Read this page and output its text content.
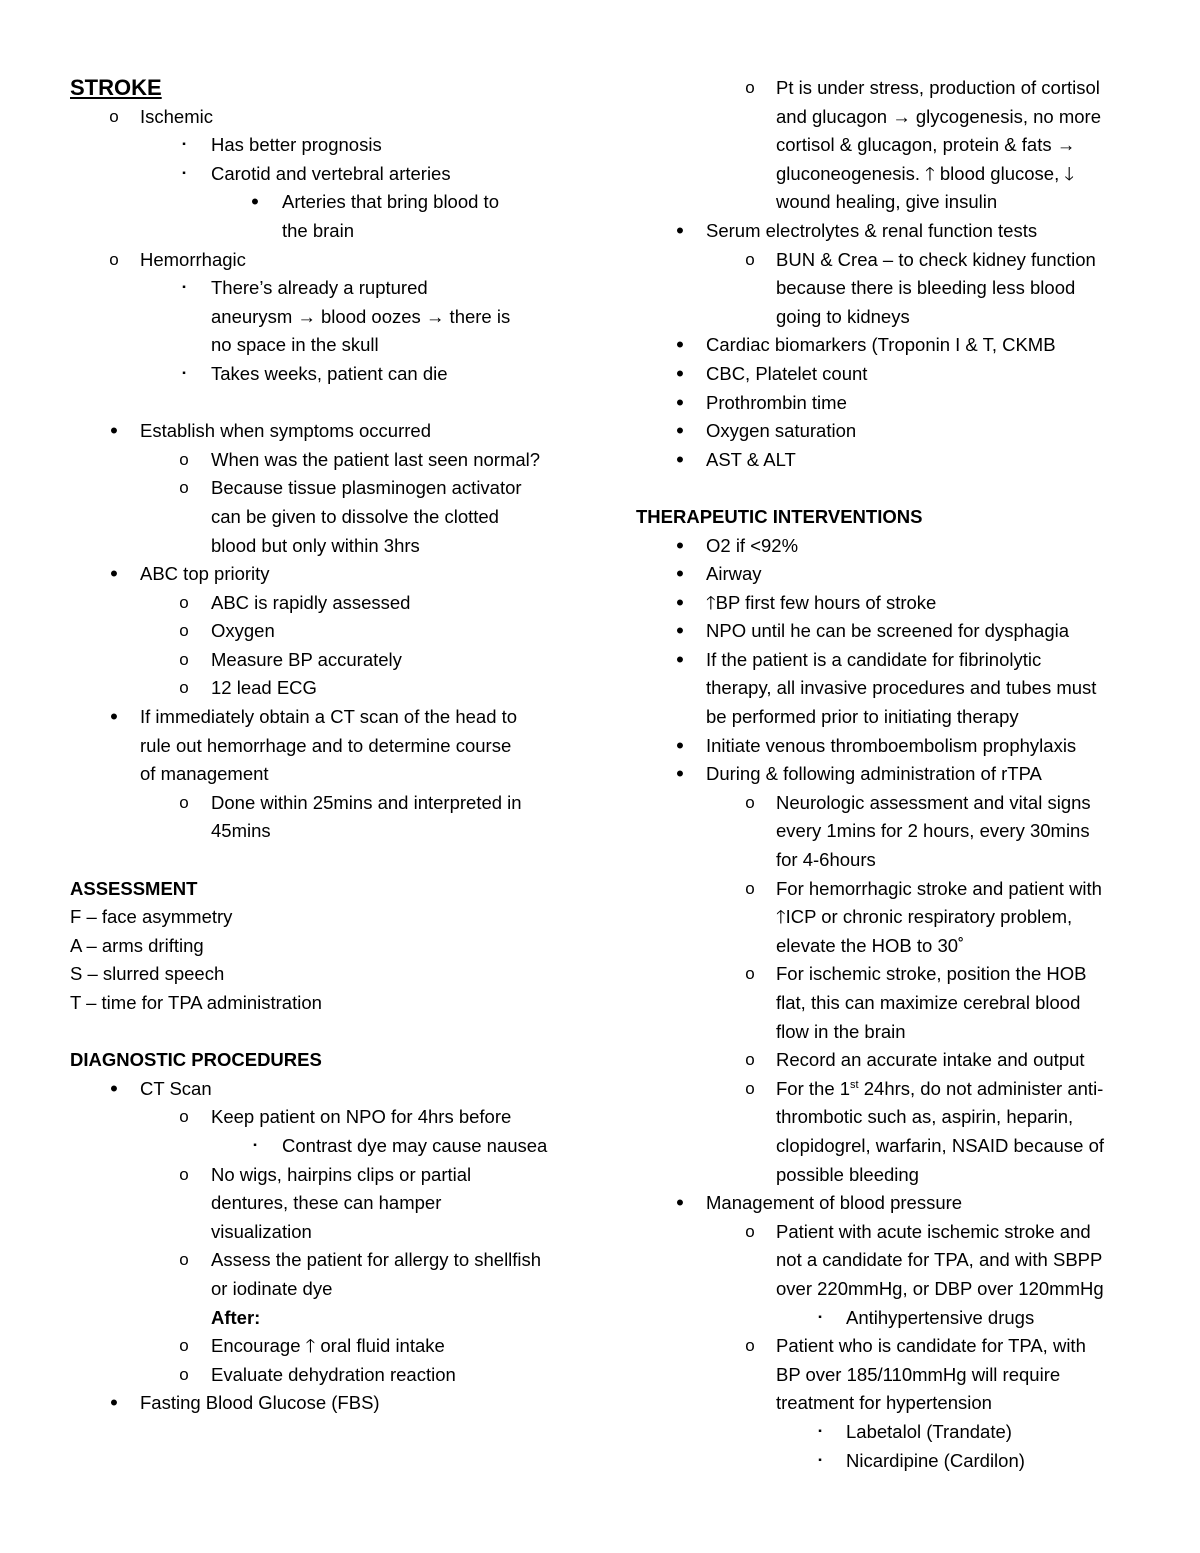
STROKE
o Ischemic
▪	Has better prognosis
▪	Carotid and vertebral arteries
•	Arteries that bring blood to
the brain
o Hemorrhagic
▪	There’s already a ruptured
aneurysm → blood oozes → there is
no space in the skull
▪	Takes weeks, patient can die
•	Establish when symptoms occurred
o When was the patient last seen normal?
o Because tissue plasminogen activator
can be given to dissolve the clotted
blood but only within 3hrs
•	ABC top priority
o ABC is rapidly assessed
o Oxygen
o Measure BP accurately
o 12 lead ECG
•	If immediately obtain a CT scan of the head to
rule out hemorrhage and to determine course
of management
o Done within 25mins and interpreted in
45mins
ASSESSMENT
F – face asymmetry
A – arms drifting
S – slurred speech
T – time for TPA administration
DIAGNOSTIC PROCEDURES
•	CT Scan
o Keep patient on NPO for 4hrs before
▪	Contrast dye may cause nausea
o No wigs, hairpins clips or partial
dentures, these can hamper
visualization
o Assess the patient for allergy to shellfish
or iodinate dye
After:
o Encourage 🡑 oral fluid intake
o Evaluate dehydration reaction
•	Fasting Blood Glucose (FBS)
o Pt is under stress, production of cortisol
and glucagon → glycogenesis, no more
cortisol & glucagon, protein & fats →
gluconeogenesis. 🡑 blood glucose, 🡓
wound healing, give insulin
•	Serum electrolytes & renal function tests
o BUN & Crea – to check kidney function
because there is bleeding less blood
going to kidneys
•	Cardiac biomarkers (Troponin I & T, CKMB
•	CBC, Platelet count
•	Prothrombin time
•	Oxygen saturation
•	AST & ALT
THERAPEUTIC INTERVENTIONS
•	O2 if <92%
•	Airway
•	🡑BP first few hours of stroke
•	NPO until he can be screened for dysphagia
•	If the patient is a candidate for fibrinolytic
therapy, all invasive procedures and tubes must
be performed prior to initiating therapy
•	Initiate venous thromboembolism prophylaxis
•	During & following administration of rTPA
o Neurologic assessment and vital signs
every 1mins for 2 hours, every 30mins
for 4-6hours
o For hemorrhagic stroke and patient with
🡑ICP or chronic respiratory problem,
elevate the HOB to 30˚
o For ischemic stroke, position the HOB
flat, this can maximize cerebral blood
flow in the brain
o Record an accurate intake and output
o For the 1st 24hrs, do not administer anti-
thrombotic such as, aspirin, heparin,
clopidogrel, warfarin, NSAID because of
possible bleeding
•	Management of blood pressure
o Patient with acute ischemic stroke and
not a candidate for TPA, and with SBPP
over 220mmHg, or DBP over 120mmHg
▪	Antihypertensive drugs
o Patient who is candidate for TPA, with
BP over 185/110mmHg will require
treatment for hypertension
▪	Labetalol (Trandate)
▪	Nicardipine (Cardilon)
